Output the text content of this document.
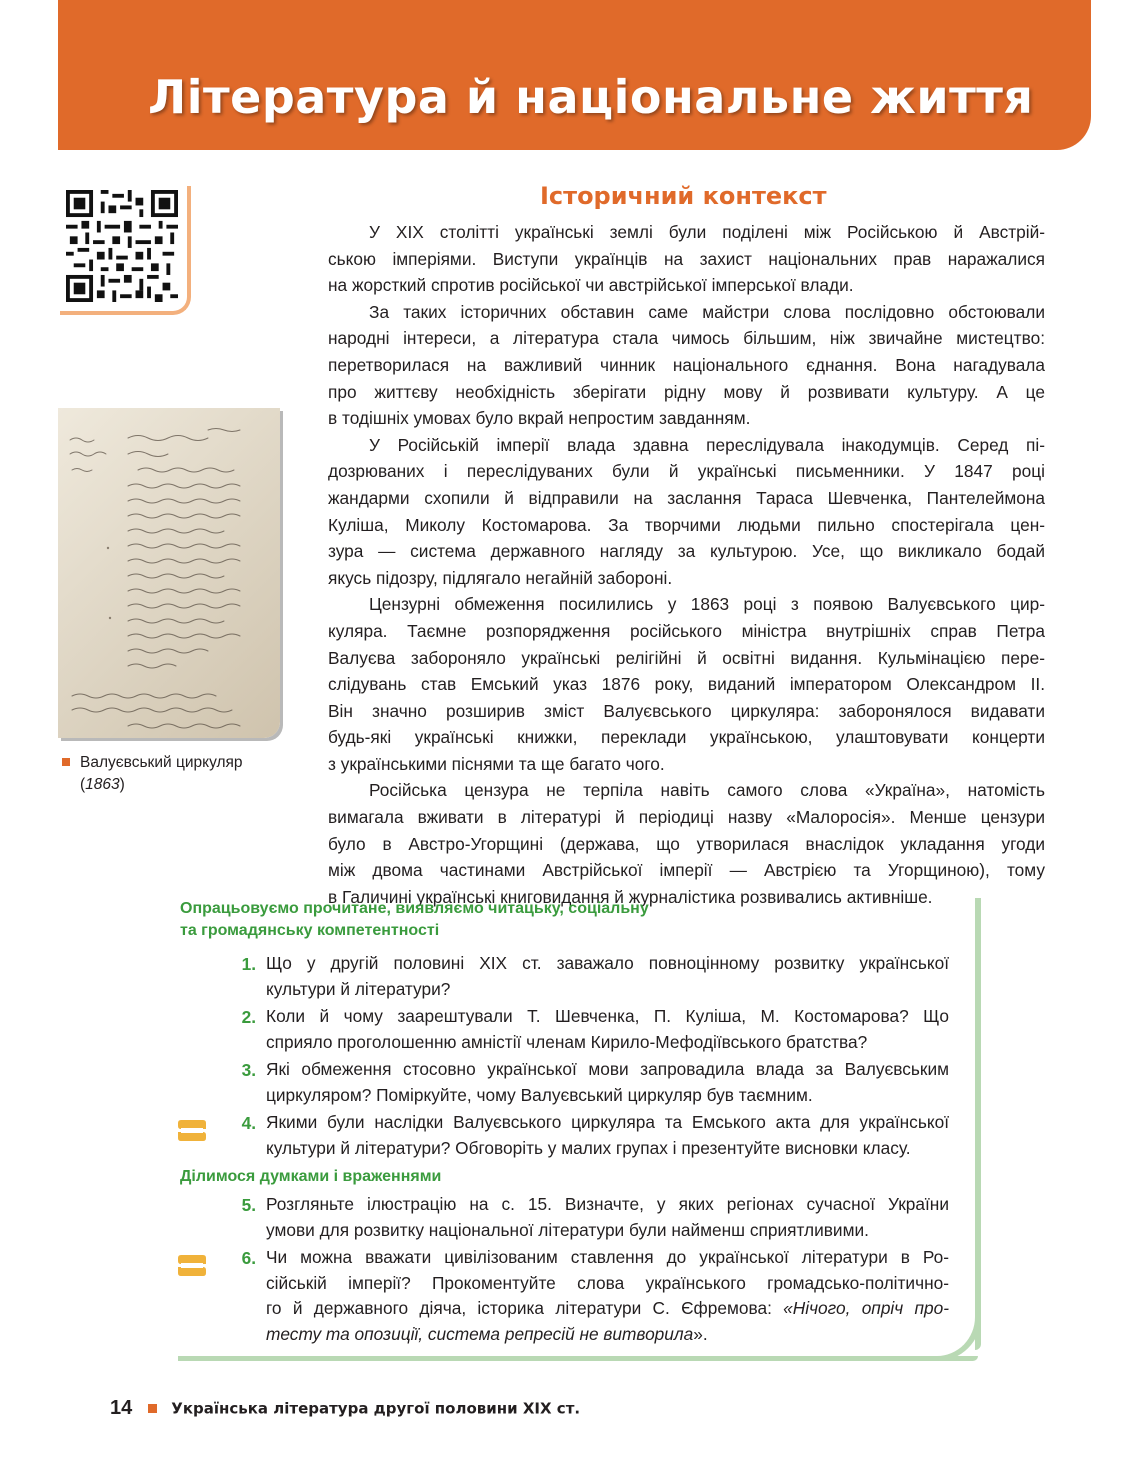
Література й національне життя
Валуєвський циркуляр
(1863)
Історичний контекст
У ХІХ столітті українські землі були поділені між Російською й Австрій-
ською імперіями. Виступи українців на захист національних прав наражалися
на жорсткий спротив російської чи австрійської імперської влади.
За таких історичних обставин саме майстри слова послідовно обстоювали
народні інтереси, а література стала чимось більшим, ніж звичайне мистецтво:
перетворилася на важливий чинник національного єднання. Вона нагадувала
про життєву необхідність зберігати рідну мову й розвивати культуру. А це
в тодішніх умовах було вкрай непростим завданням.
У Російській імперії влада здавна переслідувала інакодумців. Серед пі-
дозрюваних і переслідуваних були й українські письменники. У 1847 році
жандарми схопили й відправили на заслання Тараса Шевченка, Пантелеймона
Куліша, Миколу Костомарова. За творчими людьми пильно спостерігала цен-
зура — система державного нагляду за культурою. Усе, що викликало бодай
якусь підозру, підлягало негайній забороні.
Цензурні обмеження посилились у 1863 році з появою Валуєвського цир-
куляра. Таємне розпорядження російського міністра внутрішніх справ Петра
Валуєва забороняло українські релігійні й освітні видання. Кульмінацією пере-
слідувань став Емський указ 1876 року, виданий імператором Олександром ІІ.
Він значно розширив зміст Валуєвського циркуляра: заборонялося видавати
будь-які українські книжки, переклади українською, улаштовувати концерти
з українськими піснями та ще багато чого.
Російська цензура не терпіла навіть самого слова «Україна», натомість
вимагала вживати в літературі й періодиці назву «Малоросія». Менше цензури
було в Австро-Угорщині (держава, що утворилася внаслідок укладання угоди
між двома частинами Австрійської імперії — Австрією та Угорщиною), тому
в Галичині українські книговидання й журналістика розвивались активніше.
Опрацьовуємо прочитане, виявляємо читацьку, соціальну
та громадянську компетентності
1. Що у другій половині ХІХ ст. заважало повноцінному розвитку української
культури й літератури?
2. Коли й чому заарештували Т. Шевченка, П. Куліша, М. Костомарова? Що
сприяло проголошенню амністії членам Кирило-Мефодіївського братства?
3. Які обмеження стосовно української мови запровадила влада за Валуєвським
циркуляром? Поміркуйте, чому Валуєвський циркуляр був таємним.
4. Якими були наслідки Валуєвського циркуляра та Емського акта для української
культури й літератури? Обговоріть у малих групах і презентуйте висновки класу.
Ділимося думками і враженнями
5. Розгляньте ілюстрацію на с. 15. Визначте, у яких регіонах сучасної України
умови для розвитку національної літератури були найменш сприятливими.
6. Чи можна вважати цивілізованим ставлення до української літератури в Ро-
сійській імперії? Прокоментуйте слова українського громадсько-політично-
го й державного діяча, історика літератури С. Єфремова: «Нічого, опріч про-
тесту та опозиції, система репресій не витворила».
14	Українська література другої половини ХІХ ст.
